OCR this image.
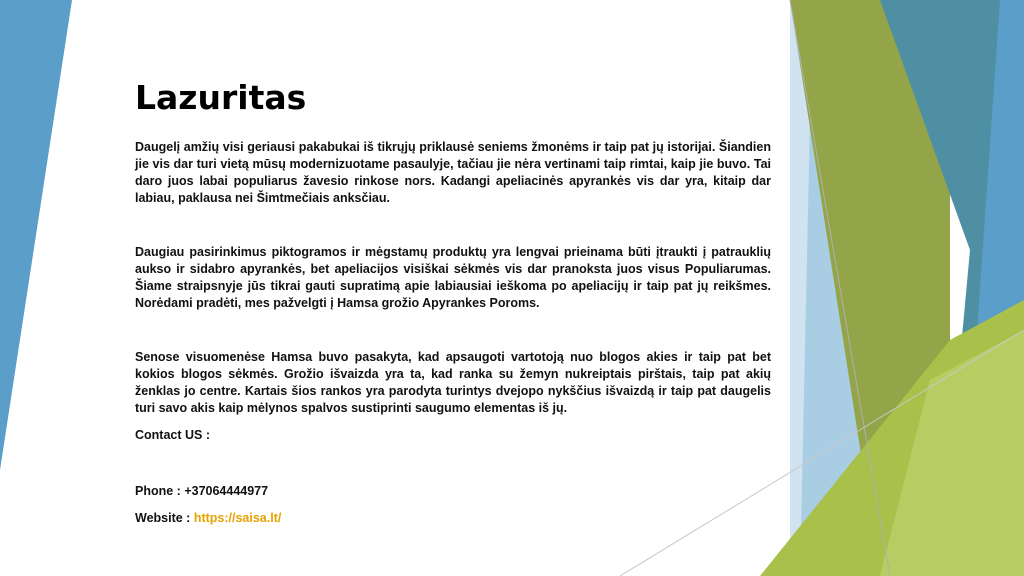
Lazuritas

Daugelį amžių visi geriausi pakabukai iš tikrųjų priklausė seniems žmonėms ir taip pat jų istorijai. Šiandien jie vis dar turi vietą mūsų modernizuotame pasaulyje, tačiau jie nėra vertinami taip rimtai, kaip jie buvo. Tai daro juos labai populiarus žavesio rinkose nors. Kadangi apeliacinės apyrankės vis dar yra, kitaip dar labiau, paklausa nei Šimtmečiais anksčiau.

Daugiau pasirinkimus piktogramos ir mėgstamų produktų yra lengvai prieinama būti įtraukti į patrauklių aukso ir sidabro apyrankės, bet apeliacijos visiškai sėkmės vis dar pranoksta juos visus Populiarumas. Šiame straipsnyje jūs tikrai gauti supratimą apie labiausiai ieškoma po apeliacijų ir taip pat jų reikšmes. Norėdami pradėti, mes pažvelgti į Hamsa grožio Apyrankes Poroms.

Senose visuomenėse Hamsa buvo pasakyta, kad apsaugoti vartotoją nuo blogos akies ir taip pat bet kokios blogos sėkmės. Grožio išvaizda yra ta, kad ranka su žemyn nukreiptais pirštais, taip pat akių ženklas jo centre. Kartais šios rankos yra parodyta turintys dvejopo nykščius išvaizdą ir taip pat daugelis turi savo akis kaip mėlynos spalvos sustiprinti saugumo elementas iš jų.

Contact US :

Phone : +37064444977

Website : https://saisa.lt/
